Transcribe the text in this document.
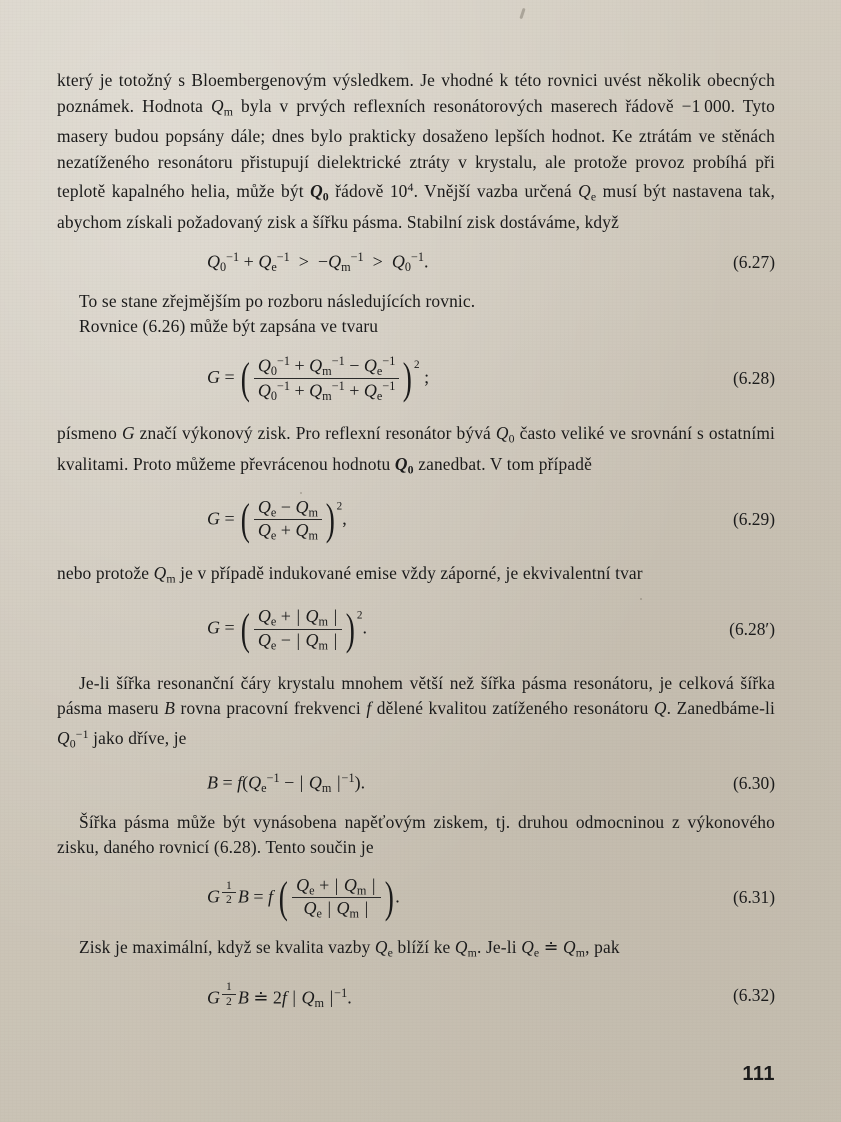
který je totožný s Bloembergenovým výsledkem. Je vhodné k této rovnici uvést několik obecných poznámek. Hodnota $Q_m$ byla v prvých reflexních resonátorových maserech řádově −1 000. Tyto masery budou popsány dále; dnes bylo prakticky dosaženo lepších hodnot. Ke ztrátám ve stěnách nezatíženého resonátoru přistupují dielektrické ztráty v krystalu, ale protože provoz probíhá při teplotě kapalného helia, může být $Q_0$ řádově $10^4$. Vnější vazba určená $Q_e$ musí být nastavena tak, abychom získali požadovaný zisk a šířku pásma. Stabilní zisk dostáváme, když

$Q_0^{-1} + Q_e^{-1} > -Q_m^{-1} > Q_0^{-1}$.	(6.27)

To se stane zřejmějším po rozboru následujících rovnic.

Rovnice (6.26) může být zapsána ve tvaru

G = ( $\frac{Q_0^{-1} + Q_m^{-1} - Q_e^{-1}}{Q_0^{-1} + Q_m^{-1} + Q_e^{-1}}$ ) $^2$ ;	(6.28)

písmeno G značí výkonový zisk. Pro reflexní resonátor bývá $Q_0$ často veliké ve srovnání s ostatními kvalitami. Proto můžeme převrácenou hodnotu $Q_0$ zanedbat. V tom případě

G = ( $\frac{Q_e - Q_m}{Q_e + Q_m}$ ) $^2$,	(6.29)

nebo protože $Q_m$ je v případě indukované emise vždy záporné, je ekvivalentní tvar

G = ( $\frac{Q_e + | Q_m |}{Q_e - | Q_m |}$ ) $^2$.	(6.28′)

Je-li šířka resonanční čáry krystalu mnohem větší než šířka pásma resonátoru, je celková šířka pásma maseru B rovna pracovní frekvenci f dělené kvalitou zatíženého resonátoru Q. Zanedbáme-li $Q_0^{-1}$ jako dříve, je

$B = f(Q_e^{-1}$ − | $Q_m$ $|^{-1}$).	(6.30)

Šířka pásma může být vynásobena napěťovým ziskem, tj. druhou odmocninou z výkonového zisku, daného rovnicí (6.28). Tento součin je

G $^{\frac{1}{2}}$ B = f ( $\frac{Q_e + | Q_m |}{Q_e | Q_m |}$ ).	(6.31)

Zisk je maximální, když se kvalita vazby $Q_e$ blíží ke $Q_m$. Je-li $Q_e$ ≐ $Q_m$, pak

G $^{\frac{1}{2}}$ B ≐ 2f | $Q_m$ $|^{-1}$.	(6.32)
111
